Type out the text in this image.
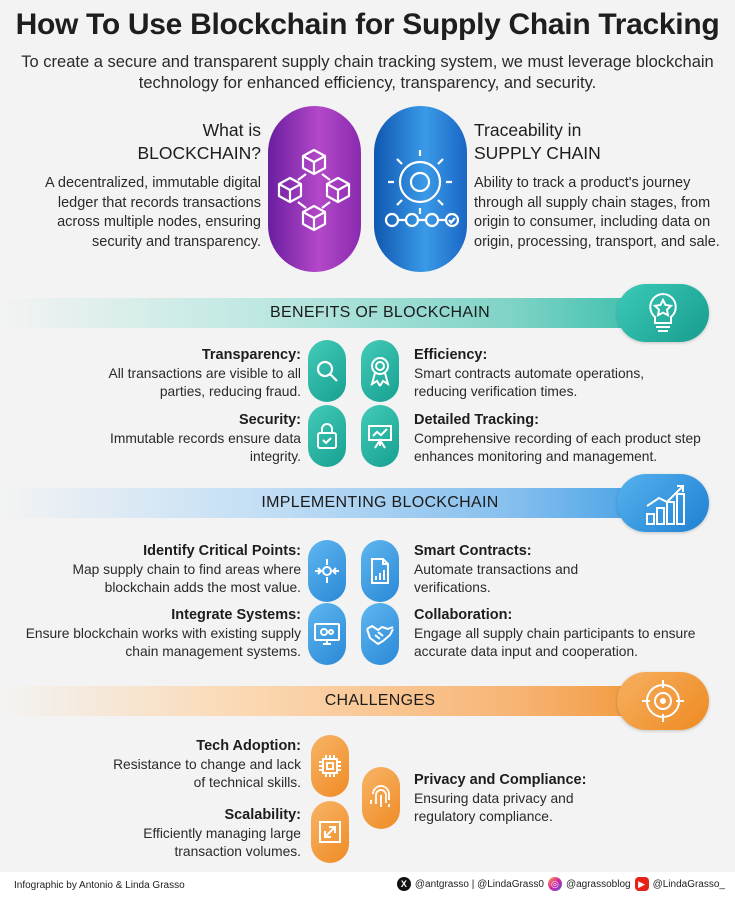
How To Use Blockchain for Supply Chain Tracking
To create a secure and transparent supply chain tracking system, we must leverage blockchain technology for enhanced efficiency, transparency, and security.
What is
BLOCKCHAIN?
A decentralized, immutable digital ledger that records transactions across multiple nodes, ensuring security and transparency.
Traceability in
SUPPLY CHAIN
Ability to track a product's journey through all supply chain stages, from origin to consumer, including data on origin, processing, transport, and sale.
BENEFITS OF BLOCKCHAIN
Transparency:
All transactions are visible to all parties, reducing fraud.
Efficiency:
Smart contracts automate operations, reducing verification times.
Security:
Immutable records ensure data integrity.
Detailed Tracking:
Comprehensive recording of each product step enhances monitoring and management.
IMPLEMENTING BLOCKCHAIN
Identify Critical Points:
Map supply chain to find areas where blockchain adds the most value.
Smart Contracts:
Automate transactions and verifications.
Integrate Systems:
Ensure blockchain works with existing supply chain management systems.
Collaboration:
Engage all supply chain participants to ensure accurate data input and cooperation.
CHALLENGES
Tech Adoption:
Resistance to change and lack of technical skills.
Scalability:
Efficiently managing large transaction volumes.
Privacy and Compliance:
Ensuring data privacy and regulatory compliance.
Infographic by Antonio & Linda Grasso	X @antgrasso | @LindaGrass0 ◎ @agrassoblog ▶ @LindaGrasso_
